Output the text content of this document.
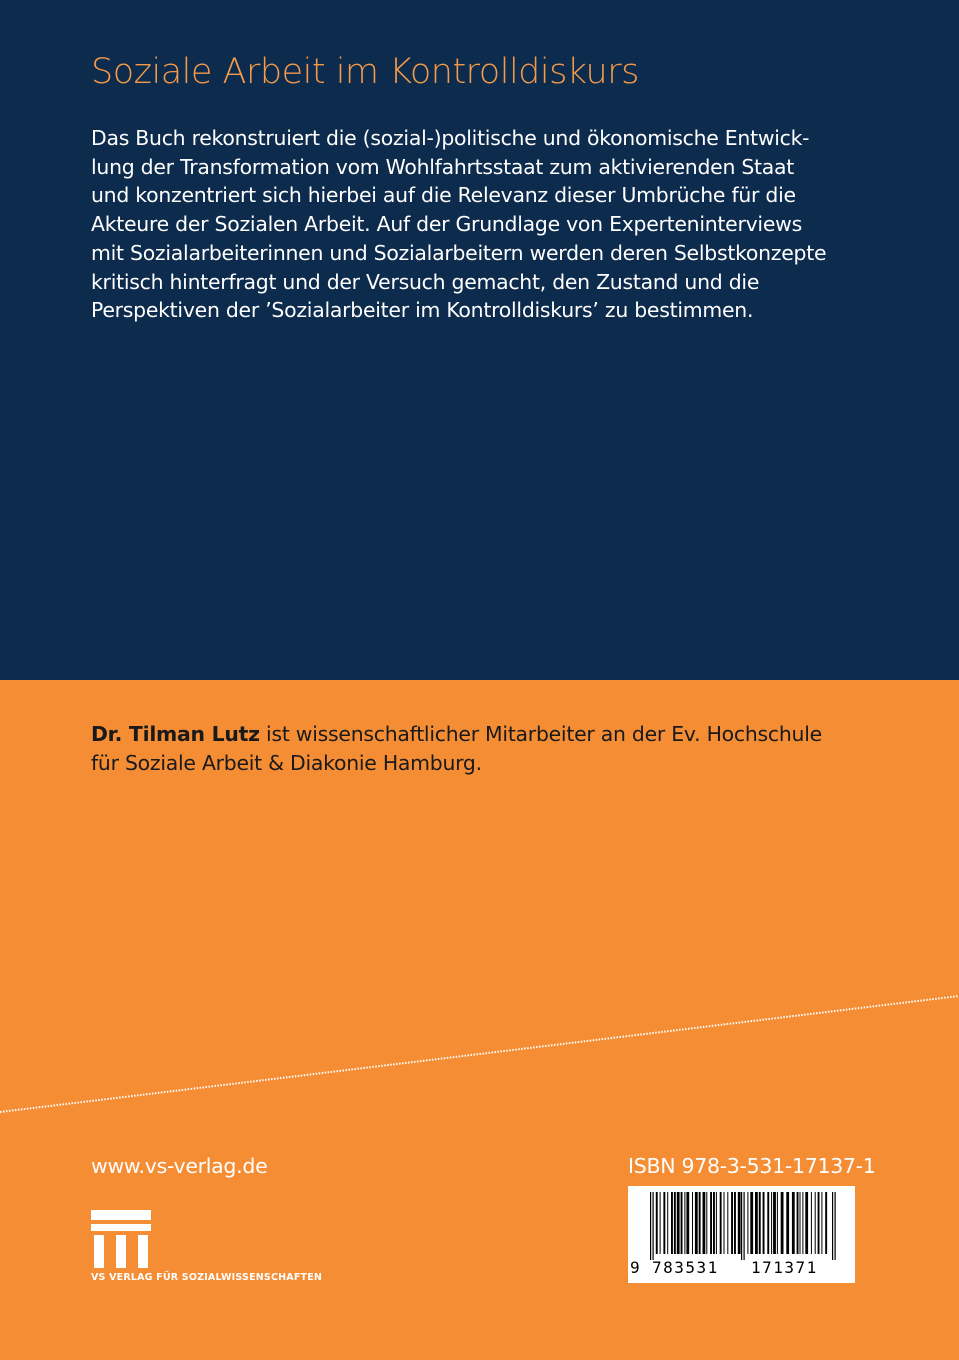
Soziale Arbeit im Kontrolldiskurs
Das Buch rekonstruiert die (sozial-)politische und ökonomische Entwick-
lung der Transformation vom Wohlfahrtsstaat zum aktivierenden Staat
und konzentriert sich hierbei auf die Relevanz dieser Umbrüche für die
Akteure der Sozialen Arbeit. Auf der Grundlage von Experteninterviews
mit Sozialarbeiterinnen und Sozialarbeitern werden deren Selbstkonzepte
kritisch hinterfragt und der Versuch gemacht, den Zustand und die
Perspektiven der ’Sozialarbeiter im Kontrolldiskurs’ zu bestimmen.
Dr. Tilman Lutz ist wissenschaftlicher Mitarbeiter an der Ev. Hochschule
für Soziale Arbeit & Diakonie Hamburg.
www.vs-verlag.de	ISBN 978-3-531-17137-1
VS VERLAG FÜR SOZIALWISSENSCHAFTEN
9 783531 171371
